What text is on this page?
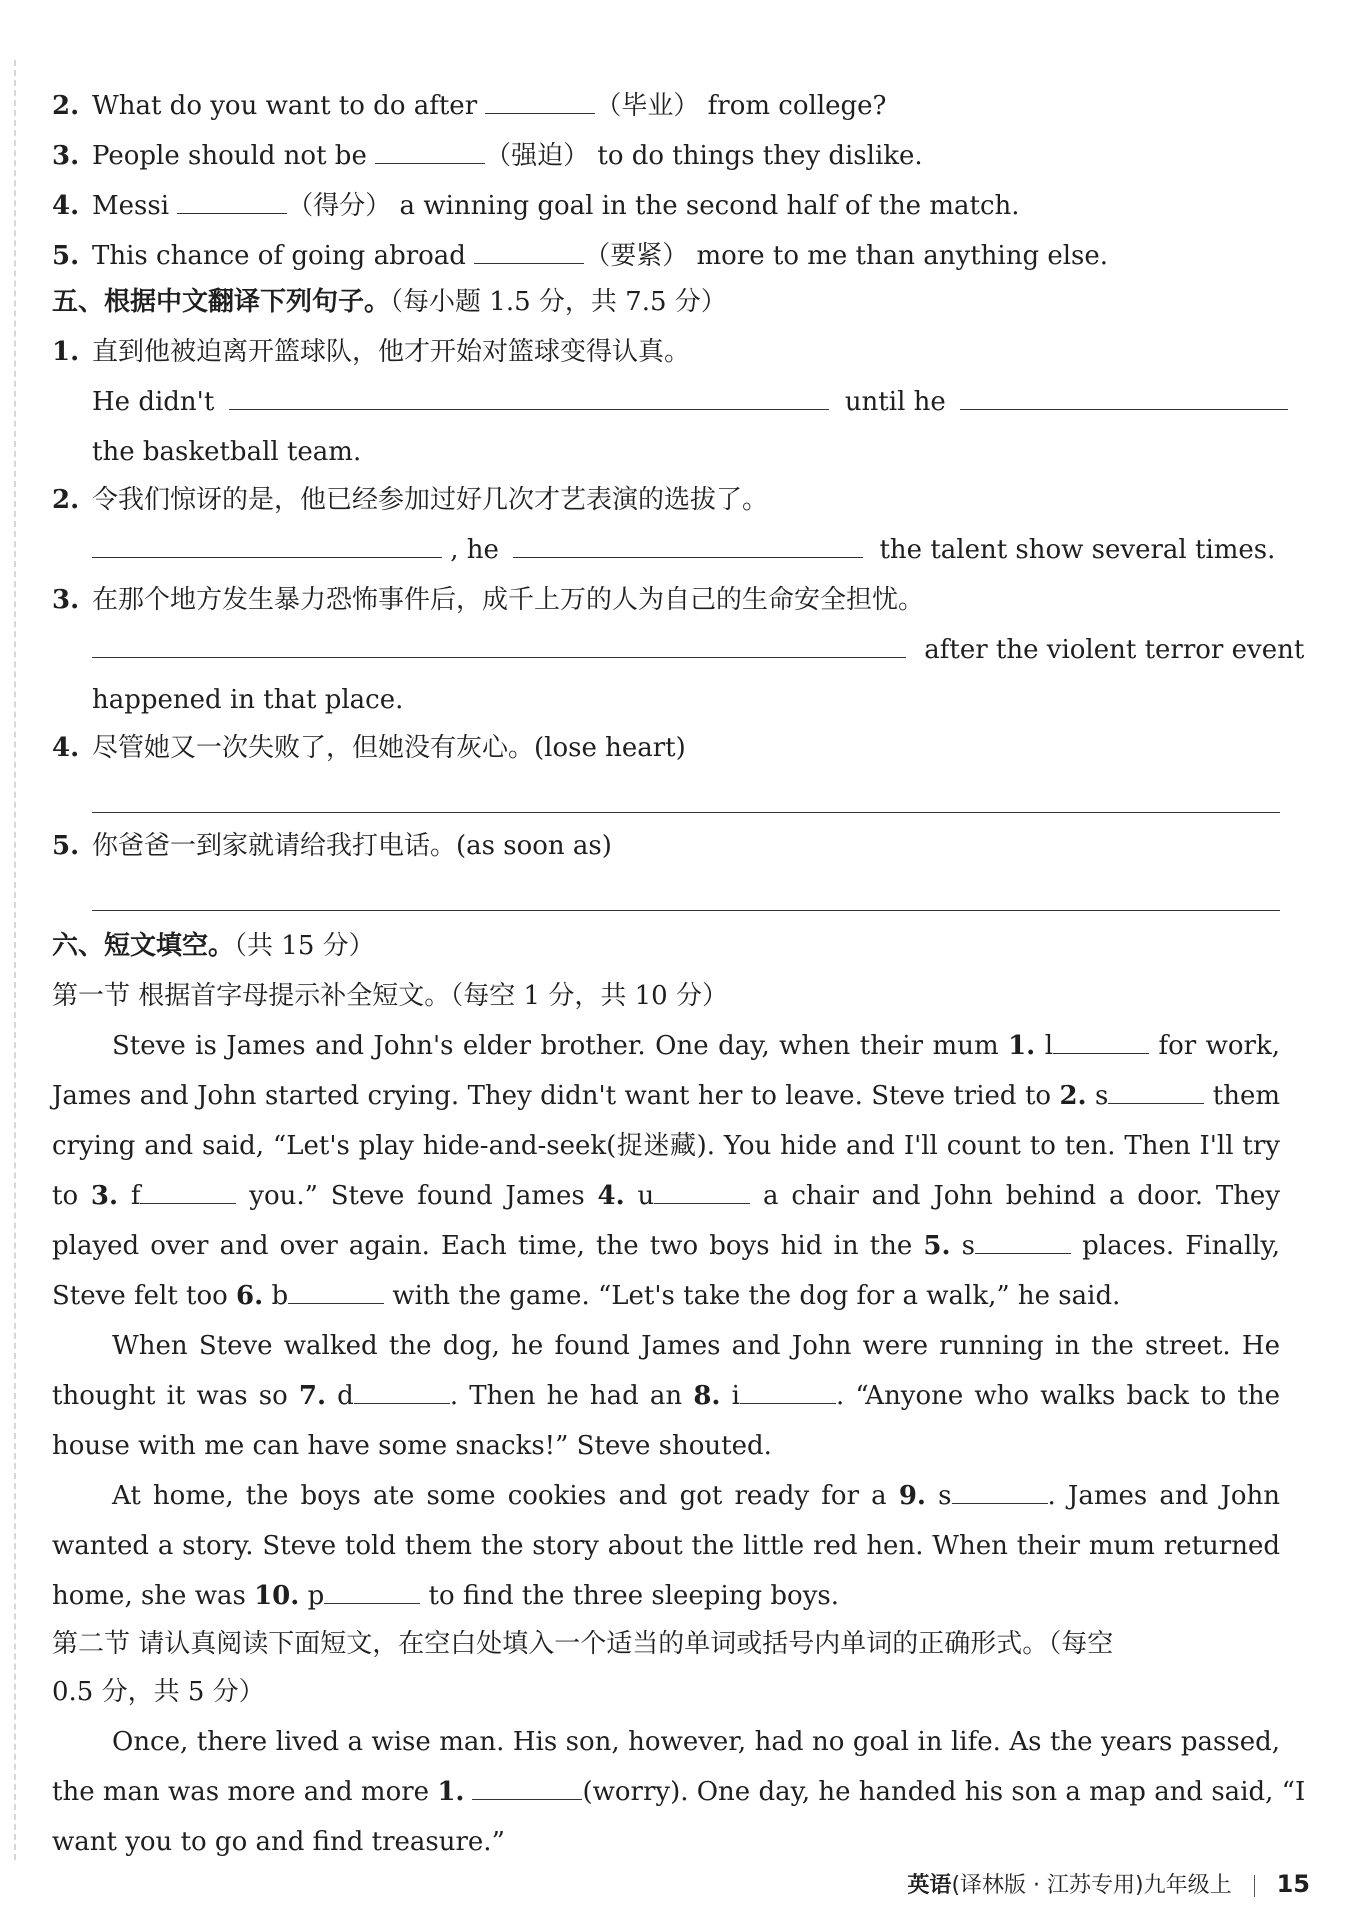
2. What do you want to do after	（毕业） from college?
3. People should not be	（强迫） to do things they dislike.
4. Messi	（得分） a winning goal in the second half of the match.
5. This chance of going abroad	（要紧） more to me than anything else.
五、根据中文翻译下列句子。（每小题 1.5 分，共 7.5 分）
1. 直到他被迫离开篮球队，他才开始对篮球变得认真。
He didn't	until he
the basketball team.
2. 令我们惊讶的是，他已经参加过好几次才艺表演的选拔了。
, he	the talent show several times.
3. 在那个地方发生暴力恐怖事件后，成千上万的人为自己的生命安全担忧。
after the violent terror event
happened in that place.
4. 尽管她又一次失败了，但她没有灰心。(lose heart)
5. 你爸爸一到家就请给我打电话。(as soon as)
六、短文填空。（共 15 分）
第一节 根据首字母提示补全短文。（每空 1 分，共 10 分）
Steve is James and John's elder brother. One day, when their mum 1. l	for work,
James and John started crying. They didn't want her to leave. Steve tried to 2. s	them
crying and said, “Let's play hide-and-seek(捉迷藏). You hide and I'll count to ten. Then I'll try
to 3. f	you.” Steve found James 4. u	a chair and John behind a door. They
played over and over again. Each time, the two boys hid in the 5. s	places. Finally,
Steve felt too 6. b	with the game. “Let's take the dog for a walk,” he said.
When Steve walked the dog, he found James and John were running in the street. He
thought it was so 7. d	. Then he had an 8. i	. “Anyone who walks back to the
house with me can have some snacks!” Steve shouted.
At home, the boys ate some cookies and got ready for a 9. s	. James and John
wanted a story. Steve told them the story about the little red hen. When their mum returned
home, she was 10. p	to find the three sleeping boys.
第二节 请认真阅读下面短文，在空白处填入一个适当的单词或括号内单词的正确形式。（每空
0.5 分，共 5 分）
Once, there lived a wise man. His son, however, had no goal in life. As the years passed,
the man was more and more 1.	(worry). One day, he handed his son a map and said, “I
want you to go and find treasure.”
英语(译林版 · 江苏专用)九年级上 15
